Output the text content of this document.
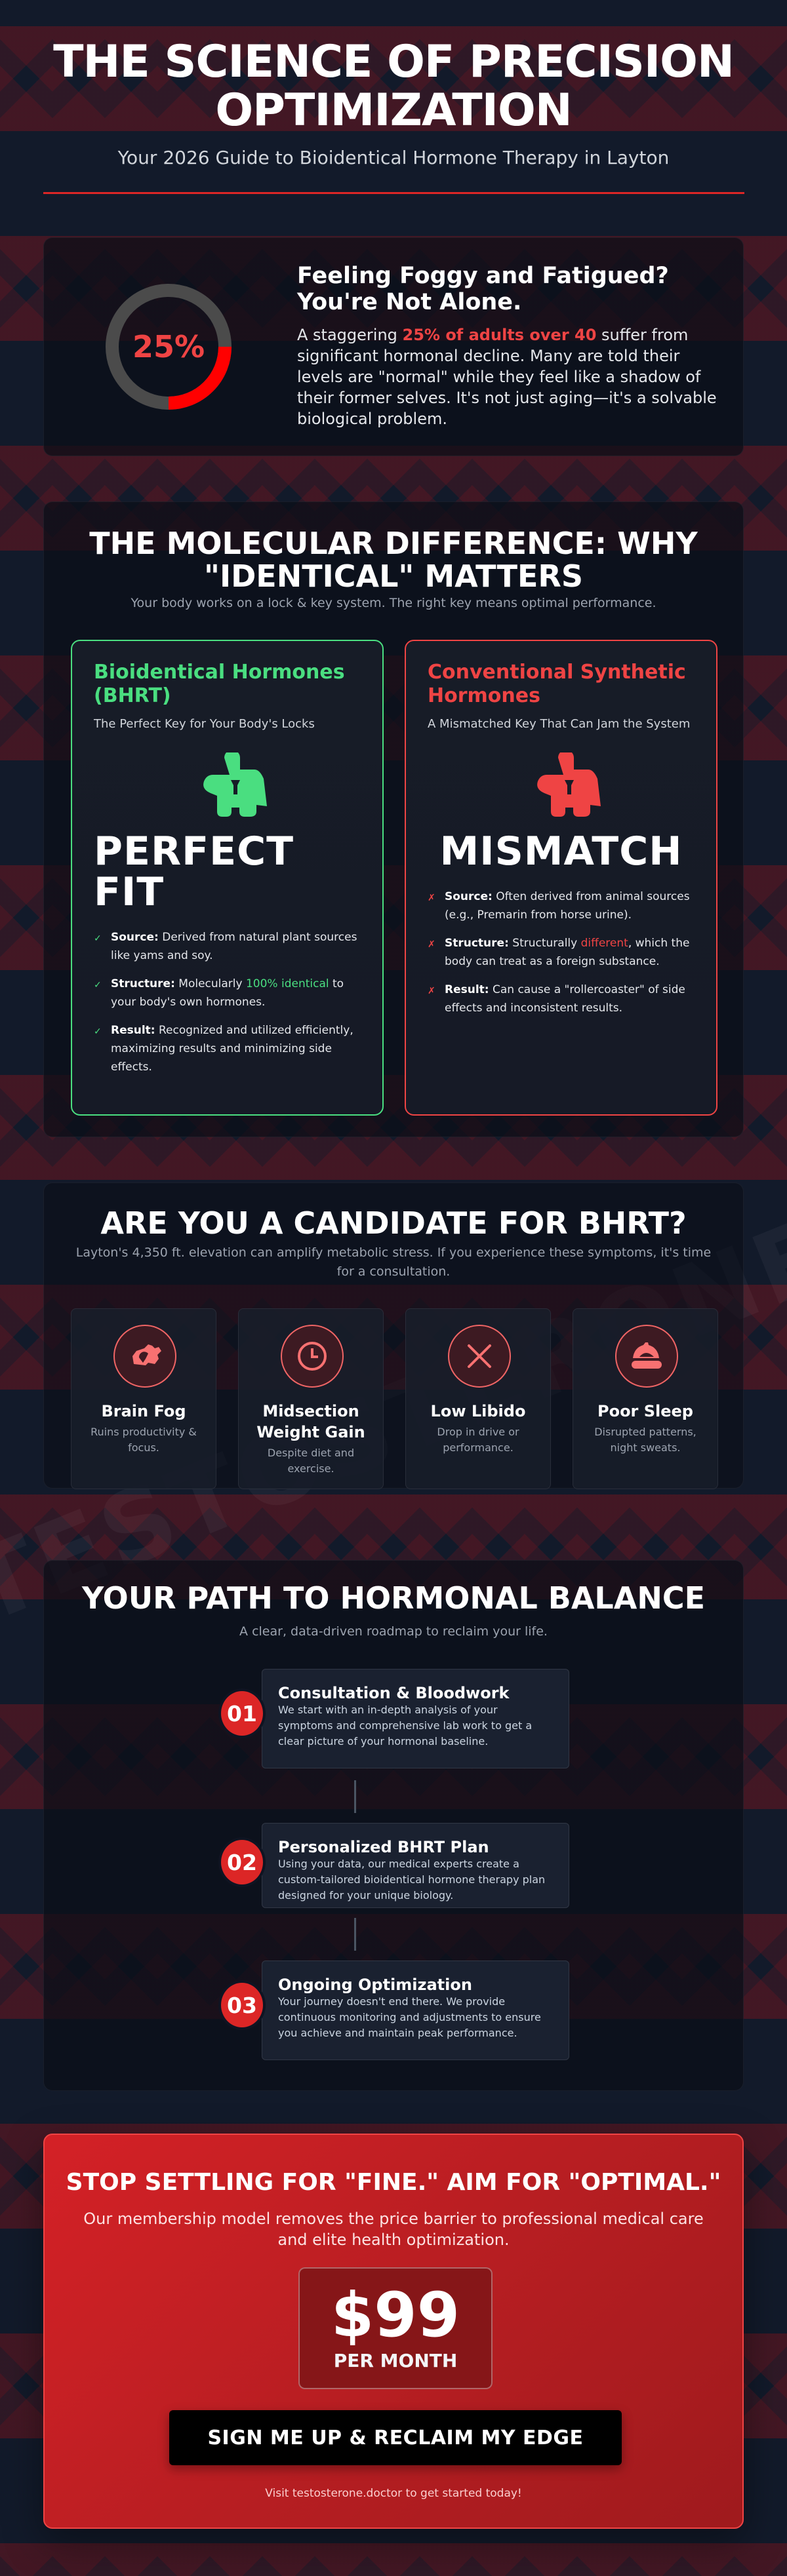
THE SCIENCE OF PRECISION OPTIMIZATION

Your 2026 Guide to Bioidentical Hormone Therapy in Layton

25%
Feeling Foggy and Fatigued? You're Not Alone.

A staggering 25% of adults over 40 suffer from significant hormonal decline. Many are told their levels are "normal" while they feel like a shadow of their former selves. It's not just aging—it's a solvable biological problem.

THE MOLECULAR DIFFERENCE: WHY "IDENTICAL" MATTERS

Your body works on a lock & key system. The right key means optimal performance.

Bioidentical Hormones (BHRT)

The Perfect Key for Your Body's Locks

PERFECT FIT
✓ Source: Derived from natural plant sources like yams and soy.
✓ Structure: Molecularly 100% identical to your body's own hormones.
✓ Result: Recognized and utilized efficiently, maximizing results and minimizing side effects.
Conventional Synthetic Hormones

A Mismatched Key That Can Jam the System

MISMATCH
✗ Source: Often derived from animal sources (e.g., Premarin from horse urine).
✗ Structure: Structurally different, which the body can treat as a foreign substance.
✗ Result: Can cause a "rollercoaster" of side effects and inconsistent results.
ARE YOU A CANDIDATE FOR BHRT?

Layton's 4,350 ft. elevation can amplify metabolic stress. If you experience these symptoms, it's time for a consultation.

Brain Fog
Ruins productivity & focus.
Midsection Weight Gain
Despite diet and exercise.
Low Libido
Drop in drive or performance.
Poor Sleep
Disrupted patterns, night sweats.
YOUR PATH TO HORMONAL BALANCE

A clear, data-driven roadmap to reclaim your life.

Consultation & Bloodwork
We start with an in-depth analysis of your symptoms and comprehensive lab work to get a clear picture of your hormonal baseline.
01
Personalized BHRT Plan
Using your data, our medical experts create a custom-tailored bioidentical hormone therapy plan designed for your unique biology.
02
Ongoing Optimization
Your journey doesn't end there. We provide continuous monitoring and adjustments to ensure you achieve and maintain peak performance.
03
STOP SETTLING FOR "FINE." AIM FOR "OPTIMAL."

Our membership model removes the price barrier to professional medical care and elite health optimization.

$99
PER MONTH
SIGN ME UP & RECLAIM MY EDGE

Visit testosterone.doctor to get started today!
